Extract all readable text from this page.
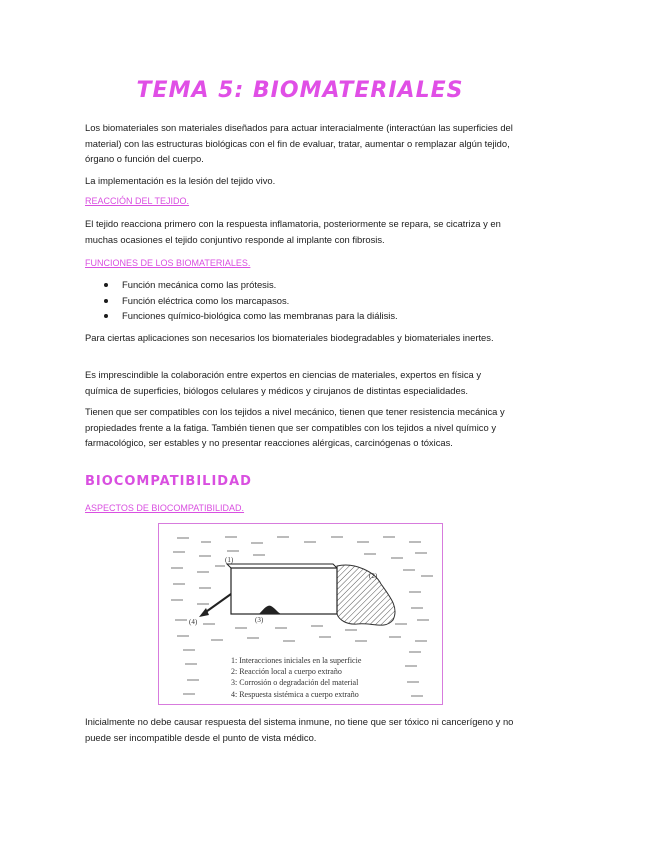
TEMA 5: BIOMATERIALES
Los biomateriales son materiales diseñados para actuar interacialmente (interactúan las superficies del material) con las estructuras biológicas con el fin de evaluar, tratar, aumentar o remplazar algún tejido, órgano o función del cuerpo.
La implementación es la lesión del tejido vivo.
REACCIÓN DEL TEJIDO.
El tejido reacciona primero con la respuesta inflamatoria, posteriormente se repara, se cicatriza y en muchas ocasiones el tejido conjuntivo responde al implante con fibrosis.
FUNCIONES DE LOS BIOMATERIALES.
Función mecánica como las prótesis.
Función eléctrica como los marcapasos.
Funciones químico-biológica como las membranas para la diálisis.
Para ciertas aplicaciones son necesarios los biomateriales biodegradables y biomateriales inertes.
Es imprescindible la colaboración entre expertos en ciencias de materiales, expertos en física y química de superficies, biólogos celulares y médicos y cirujanos de distintas especialidades.
Tienen que ser compatibles con los tejidos a nivel mecánico, tienen que tener resistencia mecánica y propiedades frente a la fatiga. También tienen que ser compatibles con los tejidos a nivel químico y farmacológico, ser estables y no presentar reacciones alérgicas, carcinógenas o tóxicas.
BIOCOMPATIBILIDAD
ASPECTOS DE BIOCOMPATIBILIDAD.
(1)
(2)
(3)
(4)
1: Interacciones iniciales en la superficie
2: Reacción local a cuerpo extraño
3: Corrosión o degradación del material
4: Respuesta sistémica a cuerpo extraño
Inicialmente no debe causar respuesta del sistema inmune, no tiene que ser tóxico ni cancerígeno y no puede ser incompatible desde el punto de vista médico.
